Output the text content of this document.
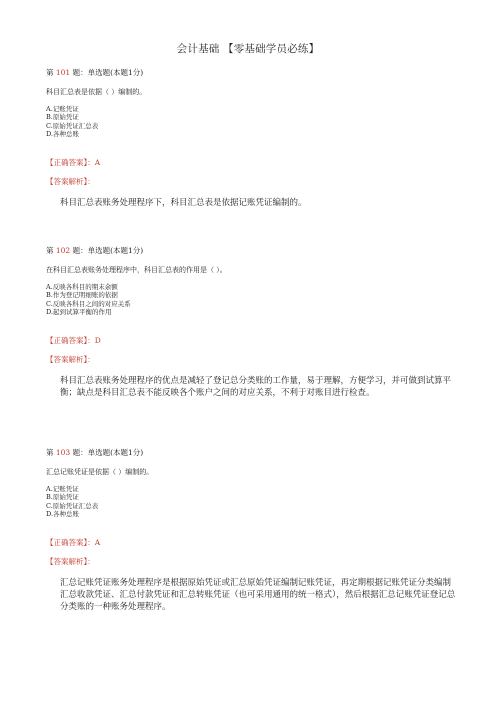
会计基础 【零基础学员必练】
第 101 题：单选题(本题1分)
科目汇总表是依据（ ）编制的。
A.记账凭证
B.原始凭证
C.原始凭证汇总表
D.各种总账
【正确答案】：A
【答案解析】：
科目汇总表账务处理程序下，科目汇总表是依据记账凭证编制的。
第 102 题：单选题(本题1分)
在科目汇总表账务处理程序中，科目汇总表的作用是（ ）。
A.反映各科目的期末余额
B.作为登记明细账的依据
C.反映各科目之间的对应关系
D.起到试算平衡的作用
【正确答案】：D
【答案解析】：
科目汇总表账务处理程序的优点是减轻了登记总分类账的工作量，易于理解，方便学习，并可做到试算平衡；缺点是科目汇总表不能反映各个账户之间的对应关系，不利于对账目进行检查。
第 103 题：单选题(本题1分)
汇总记账凭证是依据（ ）编制的。
A.记账凭证
B.原始凭证
C.原始凭证汇总表
D.各种总账
【正确答案】：A
【答案解析】：
汇总记账凭证账务处理程序是根据原始凭证或汇总原始凭证编制记账凭证，再定期根据记账凭证分类编制汇总收款凭证、汇总付款凭证和汇总转账凭证（也可采用通用的统一格式），然后根据汇总记账凭证登记总分类账的一种账务处理程序。
